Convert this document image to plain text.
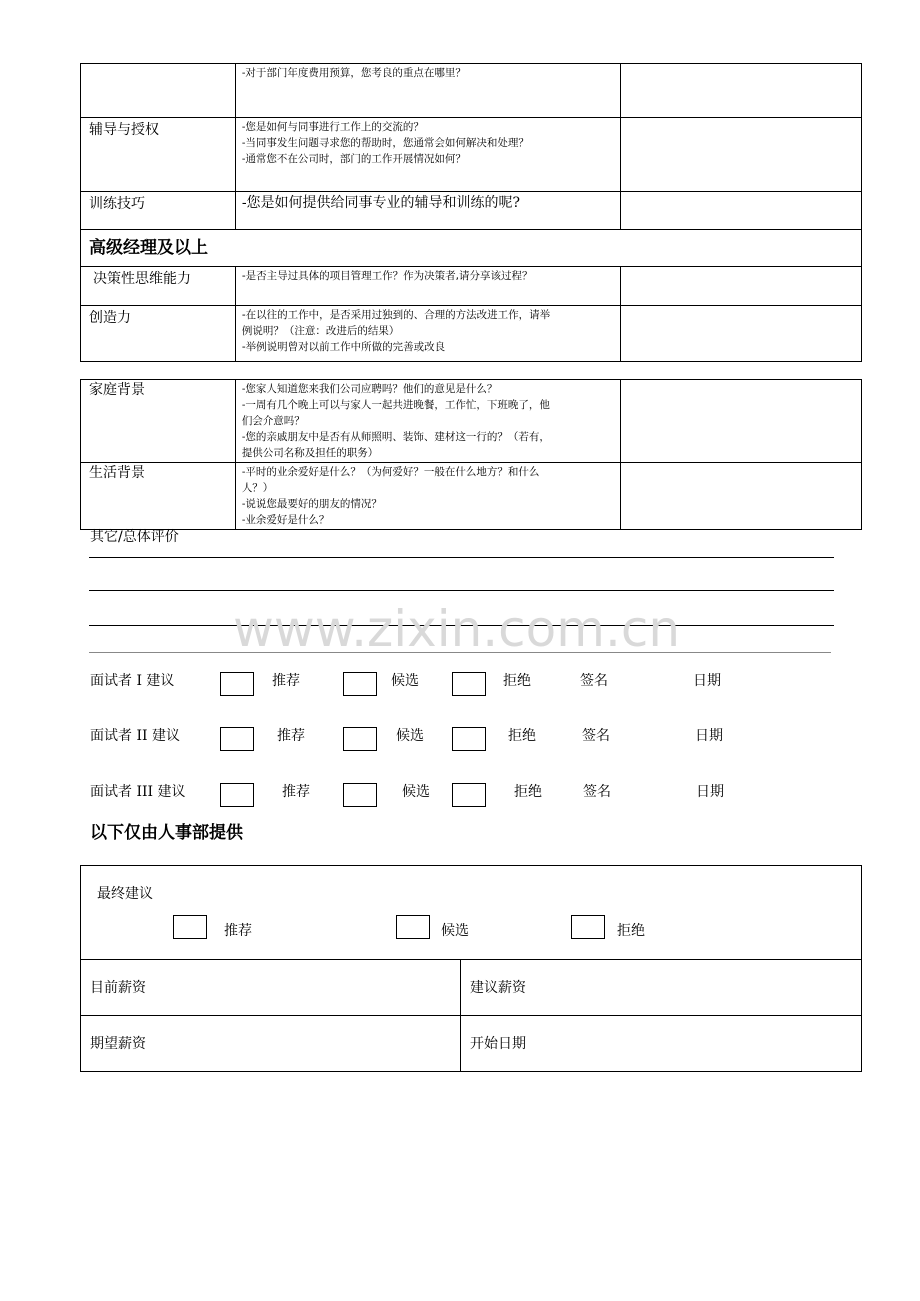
	-对于部门年度费用预算，您考良的重点在哪里？	

辅导与授权	-您是如何与同事进行工作上的交流的？
-当同事发生问题寻求您的帮助时，您通常会如何解决和处理？
-通常您不在公司时，部门的工作开展情况如何？	

训练技巧	-您是如何提供给同事专业的辅导和训练的呢?	

高级经理及以上		

决策性思维能力	-是否主导过具体的项目管理工作？作为决策者,请分享该过程？	

创造力	-在以往的工作中，是否采用过独到的、合理的方法改进工作，请举
例说明？（注意：改进后的结果）
-举例说明曾对以前工作中所做的完善或改良	

家庭背景	-您家人知道您来我们公司应聘吗？他们的意见是什么？
-一周有几个晚上可以与家人一起共进晚餐，工作忙，下班晚了，他
们会介意吗？
-您的亲戚朋友中是否有从师照明、装饰、建材这一行的？（若有，
提供公司名称及担任的职务）	

生活背景	-平时的业余爱好是什么？（为何爱好？一般在什么地方？和什么
人？）
-说说您最要好的朋友的情况？
-业余爱好是什么？	

其它/总体评价
www.zixin.com.cn
面试者 I 建议	推荐	候选	拒绝	签名	日期
面试者 II 建议	推荐	候选	拒绝	签名	日期
面试者 III 建议	推荐	候选	拒绝	签名	日期
以下仅由人事部提供
最终建议
推荐	候选	拒绝
目前薪资	建议薪资
期望薪资	开始日期
